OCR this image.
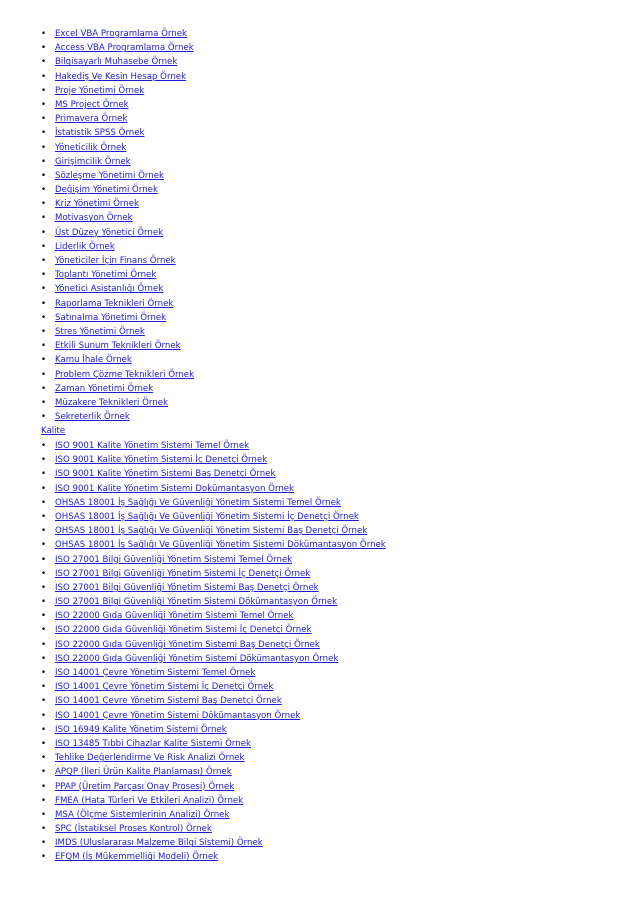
• Excel VBA Programlama Örnek
• Access VBA Programlama Örnek
• Bilgisayarlı Muhasebe Örnek
• Hakediş Ve Kesin Hesap Örnek
• Proje Yönetimi Örnek
• MS Project Örnek
• Primavera Örnek
• İstatistik SPSS Örnek
• Yöneticilik Örnek
• Girişimcilik Örnek
• Sözleşme Yönetimi Örnek
• Değişim Yönetimi Örnek
• Kriz Yönetimi Örnek
• Motivasyon Örnek
• Üst Düzey Yönetici Örnek
• Liderlik Örnek
• Yöneticiler İçin Finans Örnek
• Toplantı Yönetimi Örnek
• Yönetici Asistanlığı Örnek
• Raporlama Teknikleri Örnek
• Satınalma Yönetimi Örnek
• Stres Yönetimi Örnek
• Etkili Sunum Teknikleri Örnek
• Kamu İhale Örnek
• Problem Çözme Teknikleri Örnek
• Zaman Yönetimi Örnek
• Müzakere Teknikleri Örnek
• Sekreterlik Örnek
Kalite
• ISO 9001 Kalite Yönetim Sistemi Temel Örnek
• ISO 9001 Kalite Yönetim Sistemi İç Denetçi Örnek
• ISO 9001 Kalite Yönetim Sistemi Baş Denetçi Örnek
• ISO 9001 Kalite Yönetim Sistemi Dokümantasyon Örnek
• OHSAS 18001 İş Sağlığı Ve Güvenliği Yönetim Sistemi Temel Örnek
• OHSAS 18001 İş Sağlığı Ve Güvenliği Yönetim Sistemi İç Denetçi Örnek
• OHSAS 18001 İş Sağlığı Ve Güvenliği Yönetim Sistemi Baş Denetçi Örnek
• OHSAS 18001 İş Sağlığı Ve Güvenliği Yönetim Sistemi Dökümantasyon Örnek
• ISO 27001 Bilgi Güvenliği Yönetim Sistemi Temel Örnek
• ISO 27001 Bilgi Güvenliği Yönetim Sistemi İç Denetçi Örnek
• ISO 27001 Bilgi Güvenliği Yönetim Sistemi Baş Denetçi Örnek
• ISO 27001 Bilgi Güvenliği Yönetim Sistemi Dökümantasyon Örnek
• ISO 22000 Gıda Güvenliği Yönetim Sistemi Temel Örnek
• ISO 22000 Gıda Güvenliği Yönetim Sistemi İç Denetçi Örnek
• ISO 22000 Gıda Güvenliği Yönetim Sistemi Baş Denetçi Örnek
• ISO 22000 Gıda Güvenliği Yönetim Sistemi Dökümantasyon Örnek
• ISO 14001 Çevre Yönetim Sistemi Temel Örnek
• ISO 14001 Çevre Yönetim Sistemi İç Denetçi Örnek
• ISO 14001 Çevre Yönetim Sistemi Baş Denetçi Örnek
• ISO 14001 Çevre Yönetim Sistemi Dökümantasyon Örnek
• ISO 16949 Kalite Yönetim Sistemi Örnek
• ISO 13485 Tıbbi Cihazlar Kalite Sistemi Örnek
• Tehlike Değerlendirme Ve Risk Analizi Örnek
• APQP (İleri Ürün Kalite Planlaması) Örnek
• PPAP (Üretim Parçası Onay Prosesi) Örnek
• FMEA (Hata Türleri Ve Etkileri Analizi) Örnek
• MSA (Ölçme Sistemlerinin Analizi) Örnek
• SPC (İstatiksel Proses Kontrol) Örnek
• IMDS (Uluslararası Malzeme Bilgi Sistemi) Örnek
• EFQM (İş Mükemmelliği Modeli) Örnek
